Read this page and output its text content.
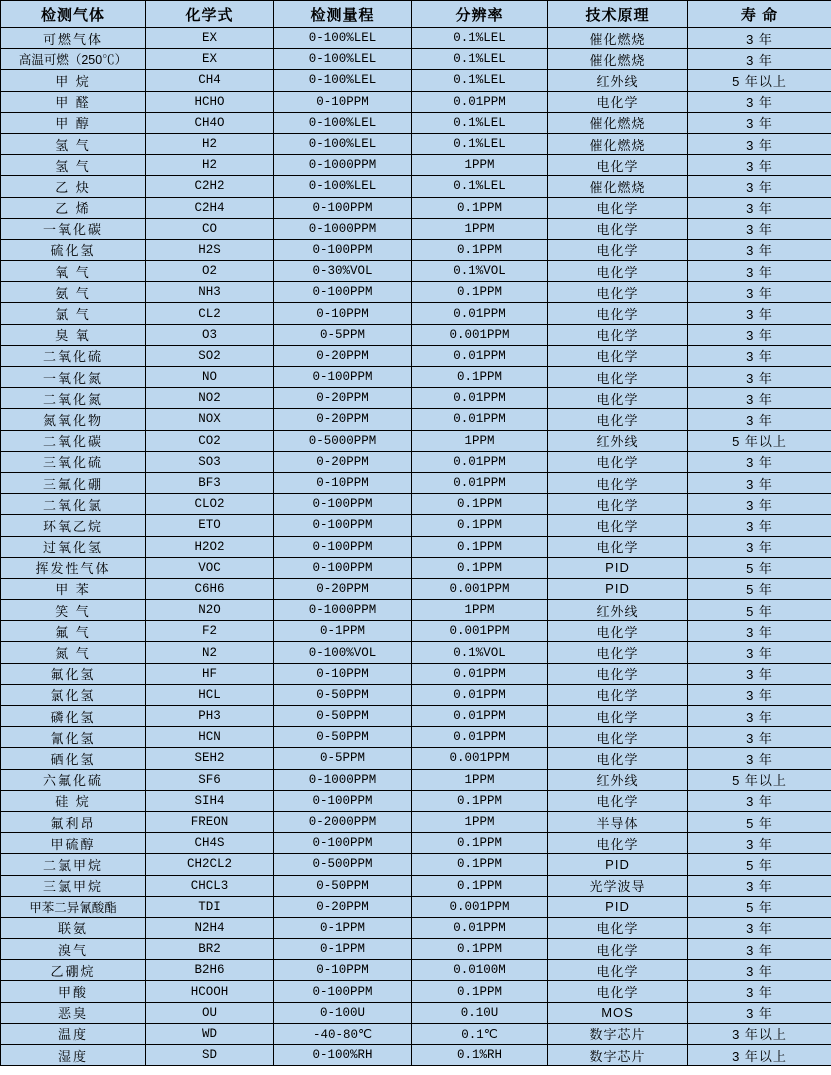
检测气体	化学式	检测量程	分辨率	技术原理	寿 命
可燃气体	EX	0-100%LEL	0.1%LEL	催化燃烧	3 年
高温可燃（250℃）	EX	0-100%LEL	0.1%LEL	催化燃烧	3 年
甲 烷	CH4	0-100%LEL	0.1%LEL	红外线	5 年以上
甲 醛	HCHO	0-10PPM	0.01PPM	电化学	3 年
甲 醇	CH4O	0-100%LEL	0.1%LEL	催化燃烧	3 年
氢 气	H2	0-100%LEL	0.1%LEL	催化燃烧	3 年
氢 气	H2	0-1000PPM	1PPM	电化学	3 年
乙 炔	C2H2	0-100%LEL	0.1%LEL	催化燃烧	3 年
乙 烯	C2H4	0-100PPM	0.1PPM	电化学	3 年
一氧化碳	CO	0-1000PPM	1PPM	电化学	3 年
硫化氢	H2S	0-100PPM	0.1PPM	电化学	3 年
氧 气	O2	0-30%VOL	0.1%VOL	电化学	3 年
氨 气	NH3	0-100PPM	0.1PPM	电化学	3 年
氯 气	CL2	0-10PPM	0.01PPM	电化学	3 年
臭 氧	O3	0-5PPM	0.001PPM	电化学	3 年
二氧化硫	SO2	0-20PPM	0.01PPM	电化学	3 年
一氧化氮	NO	0-100PPM	0.1PPM	电化学	3 年
二氧化氮	NO2	0-20PPM	0.01PPM	电化学	3 年
氮氧化物	NOX	0-20PPM	0.01PPM	电化学	3 年
二氧化碳	CO2	0-5000PPM	1PPM	红外线	5 年以上
三氧化硫	SO3	0-20PPM	0.01PPM	电化学	3 年
三氟化硼	BF3	0-10PPM	0.01PPM	电化学	3 年
二氧化氯	CLO2	0-100PPM	0.1PPM	电化学	3 年
环氧乙烷	ETO	0-100PPM	0.1PPM	电化学	3 年
过氧化氢	H2O2	0-100PPM	0.1PPM	电化学	3 年
挥发性气体	VOC	0-100PPM	0.1PPM	PID	5 年
甲 苯	C6H6	0-20PPM	0.001PPM	PID	5 年
笑 气	N2O	0-1000PPM	1PPM	红外线	5 年
氟 气	F2	0-1PPM	0.001PPM	电化学	3 年
氮 气	N2	0-100%VOL	0.1%VOL	电化学	3 年
氟化氢	HF	0-10PPM	0.01PPM	电化学	3 年
氯化氢	HCL	0-50PPM	0.01PPM	电化学	3 年
磷化氢	PH3	0-50PPM	0.01PPM	电化学	3 年
氰化氢	HCN	0-50PPM	0.01PPM	电化学	3 年
硒化氢	SEH2	0-5PPM	0.001PPM	电化学	3 年
六氟化硫	SF6	0-1000PPM	1PPM	红外线	5 年以上
硅 烷	SIH4	0-100PPM	0.1PPM	电化学	3 年
氟利昂	FREON	0-2000PPM	1PPM	半导体	5 年
甲硫醇	CH4S	0-100PPM	0.1PPM	电化学	3 年
二氯甲烷	CH2CL2	0-500PPM	0.1PPM	PID	5 年
三氯甲烷	CHCL3	0-50PPM	0.1PPM	光学波导	3 年
甲苯二异氰酸酯	TDI	0-20PPM	0.001PPM	PID	5 年
联氨	N2H4	0-1PPM	0.01PPM	电化学	3 年
溴气	BR2	0-1PPM	0.1PPM	电化学	3 年
乙硼烷	B2H6	0-10PPM	0.0100M	电化学	3 年
甲酸	HCOOH	0-100PPM	0.1PPM	电化学	3 年
恶臭	OU	0-100U	0.10U	MOS	3 年
温度	WD	-40-80℃	0.1℃	数字芯片	3 年以上
湿度	SD	0-100%RH	0.1%RH	数字芯片	3 年以上
